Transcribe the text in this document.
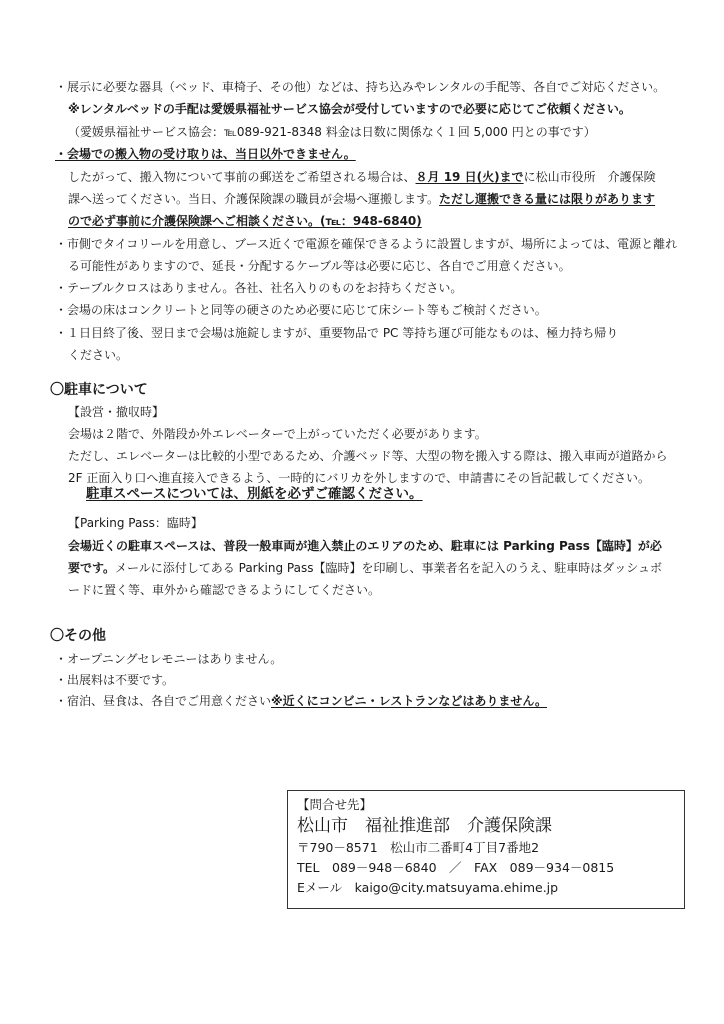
・展示に必要な器具（ベッド、車椅子、その他）などは、持ち込みやレンタルの手配等、各自でご対応ください。
※レンタルベッドの手配は愛媛県福祉サービス協会が受付していますので必要に応じてご依頼ください。
（愛媛県福祉サービス協会：℡089-921-8348 料金は日数に関係なく１回 5,000 円との事です）
・会場での搬入物の受け取りは、当日以外できません。
したがって、搬入物について事前の郵送をご希望される場合は、８月 19 日(火)までに松山市役所　介護保険
課へ送ってください。当日、介護保険課の職員が会場へ運搬します。ただし運搬できる量には限りがあります
ので必ず事前に介護保険課へご相談ください。(℡：948-6840)
・市側でタイコリールを用意し、ブース近くで電源を確保できるように設置しますが、場所によっては、電源と離れ
る可能性がありますので、延長・分配するケーブル等は必要に応じ、各自でご用意ください。
・テーブルクロスはありません。各社、社名入りのものをお持ちください。
・会場の床はコンクリートと同等の硬さのため必要に応じて床シート等もご検討ください。
・１日目終了後、翌日まで会場は施錠しますが、重要物品で PC 等持ち運び可能なものは、極力持ち帰り
ください。
〇駐車について
【設営・撤収時】
会場は２階で、外階段か外エレベーターで上がっていただく必要があります。
ただし、エレベーターは比較的小型であるため、介護ベッド等、大型の物を搬入する際は、搬入車両が道路から
2F 正面入り口へ進直接入できるよう、一時的にバリカを外しますので、申請書にその旨記載してください。
駐車スペースについては、別紙を必ずご確認ください。
【Parking Pass：臨時】
会場近くの駐車スペースは、普段一般車両が進入禁止のエリアのため、駐車には Parking Pass【臨時】が必
要です。メールに添付してある Parking Pass【臨時】を印刷し、事業者名を記入のうえ、駐車時はダッシュボ
ードに置く等、車外から確認できるようにしてください。
〇その他
・オープニングセレモニーはありません。
・出展料は不要です。
・宿泊、昼食は、各自でご用意ください※近くにコンビニ・レストランなどはありません。
【問合せ先】
松山市　福祉推進部　介護保険課
〒790－8571　松山市二番町4丁目7番地2
TEL　089－948－6840　／　FAX　089－934－0815
Eメール　kaigo@city.matsuyama.ehime.jp
